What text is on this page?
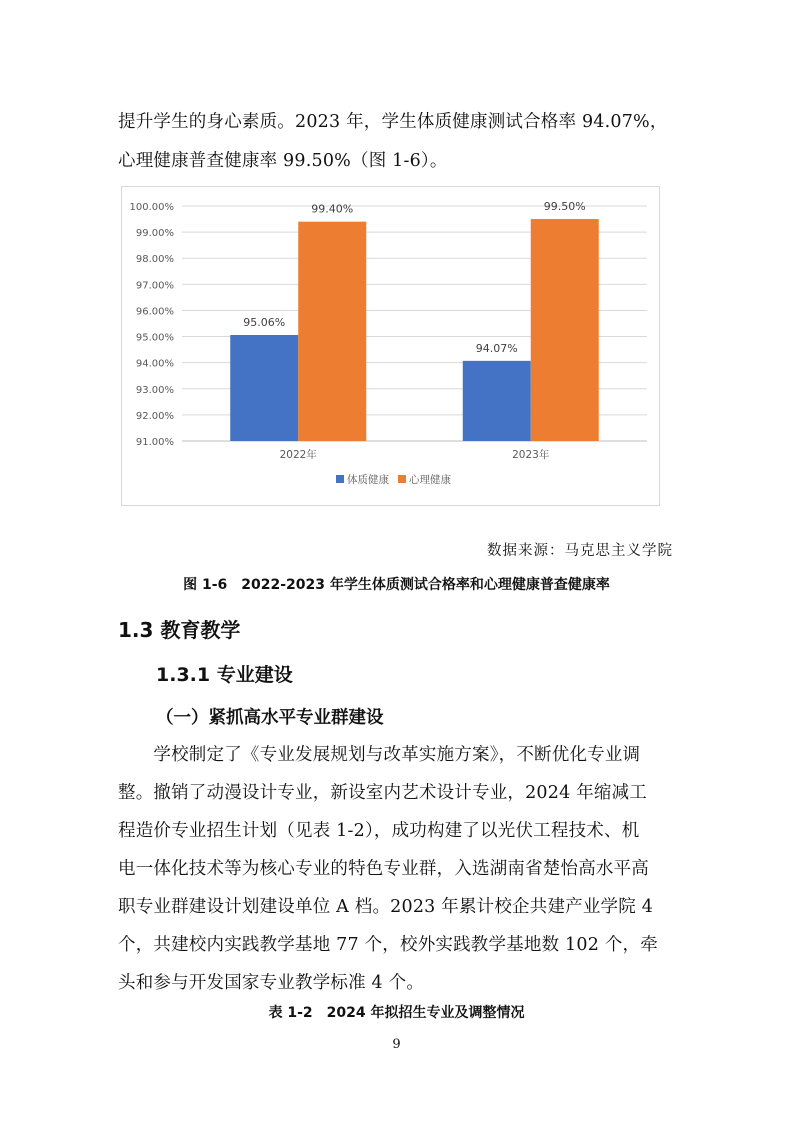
提升学生的身心素质。2023 年，学生体质健康测试合格率 94.07%，
心理健康普查健康率 99.50%（图 1-6）。
91.00%
92.00%
93.00%
94.00%
95.00%
96.00%
97.00%
98.00%
99.00%
100.00%
95.06%
99.40%
2022年
94.07%
99.50%
2023年
体质健康 心理健康
数据来源：马克思主义学院
图 1-6　2022-2023 年学生体质测试合格率和心理健康普查健康率
1.3 教育教学
1.3.1 专业建设
（一）紧抓高水平专业群建设
　　学校制定了《专业发展规划与改革实施方案》，不断优化专业调
整。撤销了动漫设计专业，新设室内艺术设计专业，2024 年缩减工
程造价专业招生计划（见表 1-2），成功构建了以光伏工程技术、机
电一体化技术等为核心专业的特色专业群，入选湖南省楚怡高水平高
职专业群建设计划建设单位 A 档。2023 年累计校企共建产业学院 4
个，共建校内实践教学基地 77 个，校外实践教学基地数 102 个，牵
头和参与开发国家专业教学标准 4 个。
表 1-2　2024 年拟招生专业及调整情况
9
